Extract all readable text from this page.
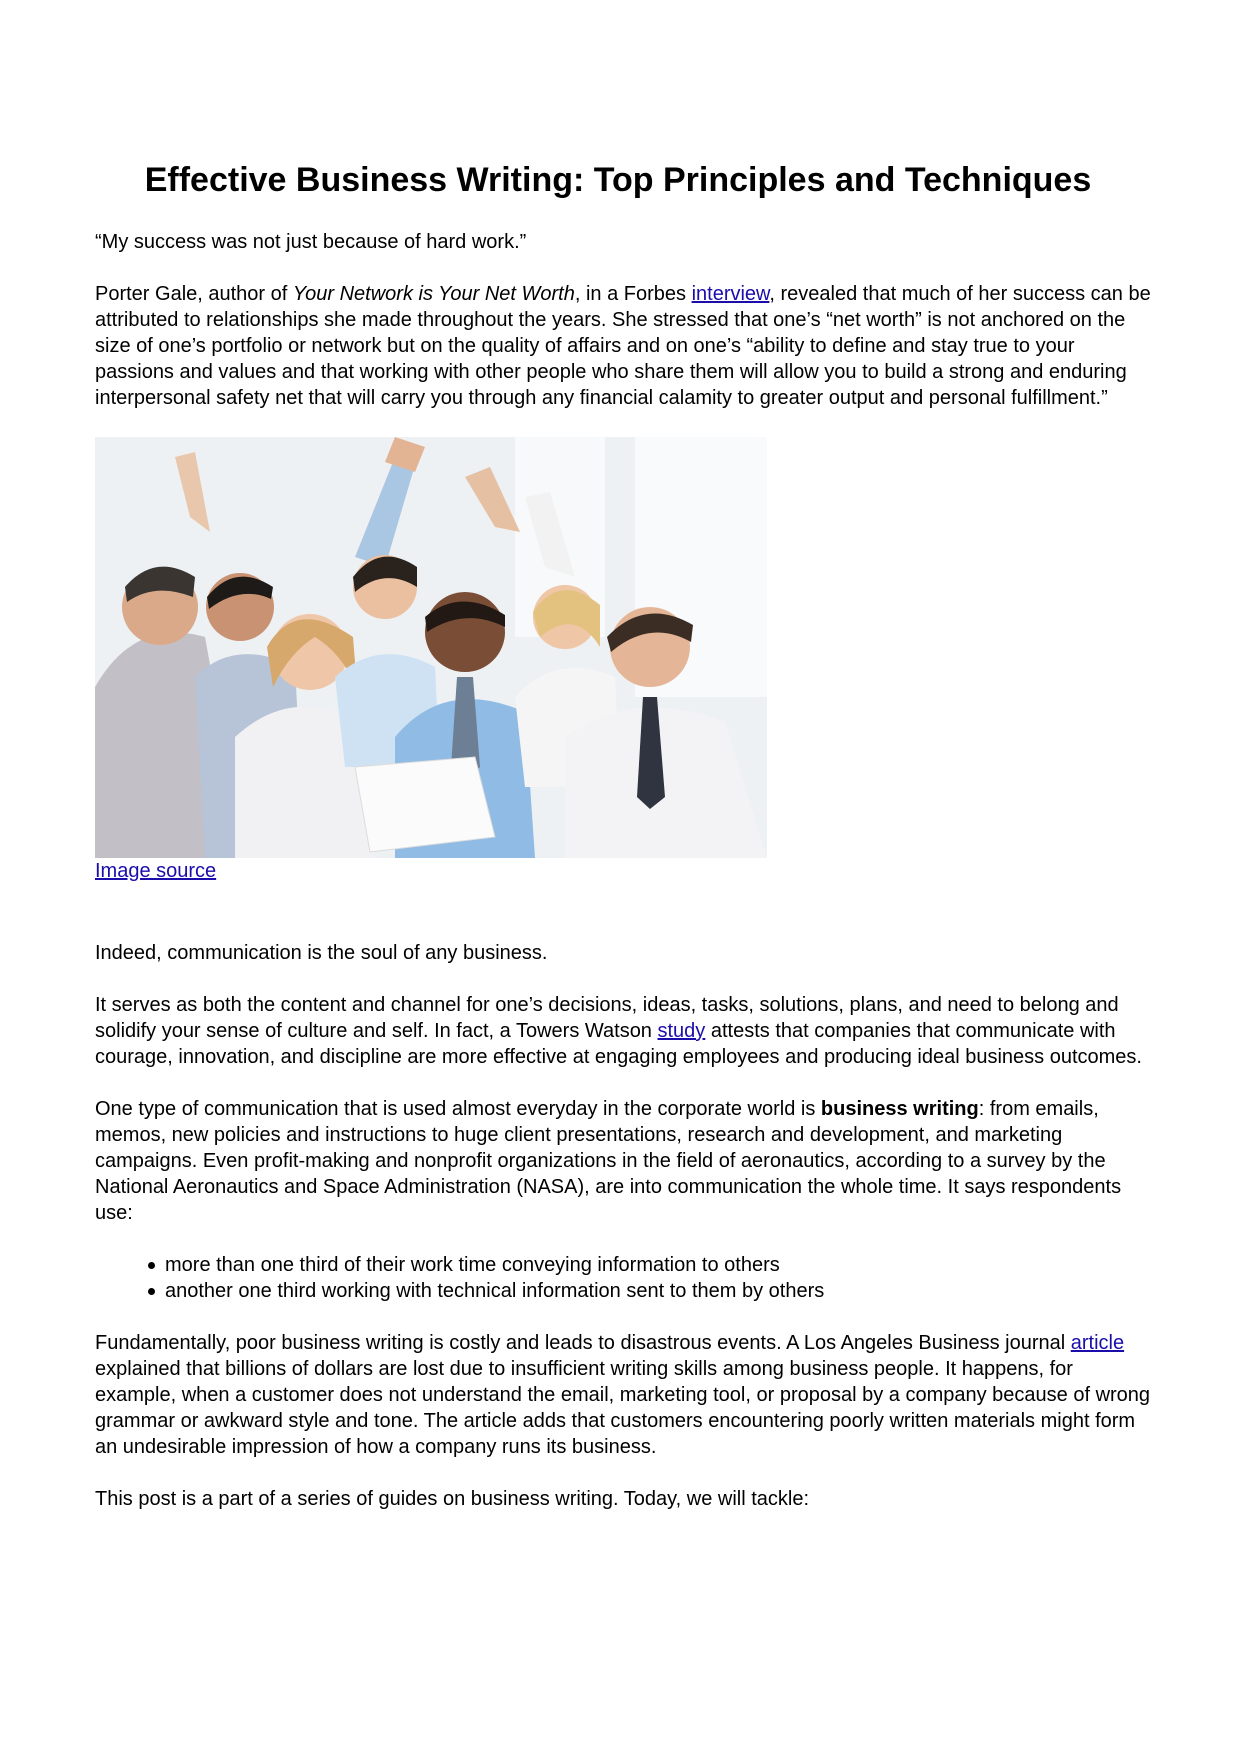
Effective Business Writing: Top Principles and Techniques

“My success was not just because of hard work.”

Porter Gale, author of Your Network is Your Net Worth, in a Forbes interview, revealed that much of her success can be attributed to relationships she made throughout the years. She stressed that one’s “net worth” is not anchored on the size of one’s portfolio or network but on the quality of affairs and on one’s “ability to define and stay true to your passions and values and that working with other people who share them will allow you to build a strong and enduring interpersonal safety net that will carry you through any financial calamity to greater output and personal fulfillment.”

Image source

Indeed, communication is the soul of any business.

It serves as both the content and channel for one’s decisions, ideas, tasks, solutions, plans, and need to belong and solidify your sense of culture and self. In fact, a Towers Watson study attests that companies that communicate with courage, innovation, and discipline are more effective at engaging employees and producing ideal business outcomes.

One type of communication that is used almost everyday in the corporate world is business writing: from emails, memos, new policies and instructions to huge client presentations, research and development, and marketing campaigns. Even profit-making and nonprofit organizations in the field of aeronautics, according to a survey by the National Aeronautics and Space Administration (NASA), are into communication the whole time. It says respondents use:

more than one third of their work time conveying information to others
another one third working with technical information sent to them by others

Fundamentally, poor business writing is costly and leads to disastrous events. A Los Angeles Business journal article explained that billions of dollars are lost due to insufficient writing skills among business people. It happens, for example, when a customer does not understand the email, marketing tool, or proposal by a company because of wrong grammar or awkward style and tone. The article adds that customers encountering poorly written materials might form an undesirable impression of how a company runs its business.

This post is a part of a series of guides on business writing. Today, we will tackle:
